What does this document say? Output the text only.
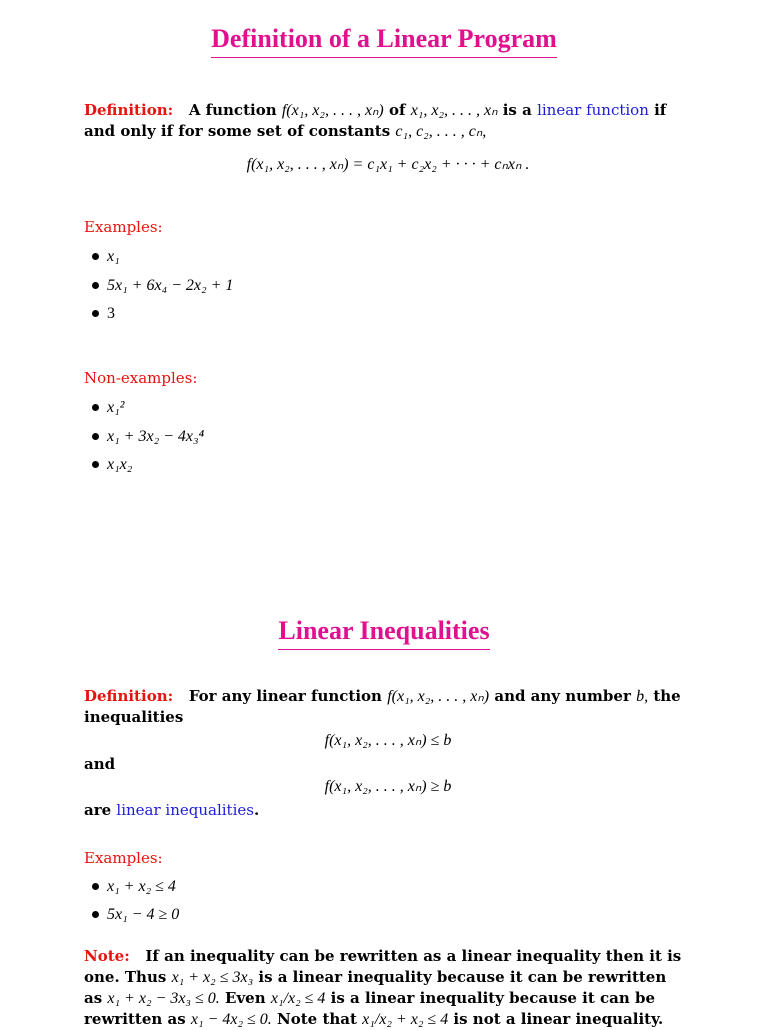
Definition of a Linear Program

Definition: A function f(x₁, x₂, . . . , xₙ) of x₁, x₂, . . . , xₙ is a linear function if
and only if for some set of constants c₁, c₂, . . . , cₙ,

f(x₁, x₂, . . . , xₙ) = c₁x₁ + c₂x₂ + · · · + cₙxₙ .
Examples:
x₁
5x₁ + 6x₄ − 2x₂ + 1
3
Non-examples:
x₁²
x₁ + 3x₂ − 4x₃⁴
x₁x₂
Linear Inequalities

Definition: For any linear function f(x₁, x₂, . . . , xₙ) and any number b, the
inequalities

f(x₁, x₂, . . . , xₙ) ≤ b
and
f(x₁, x₂, . . . , xₙ) ≥ b
are linear inequalities.
Examples:
x₁ + x₂ ≤ 4
5x₁ − 4 ≥ 0
Note: If an inequality can be rewritten as a linear inequality then it is
one. Thus x₁ + x₂ ≤ 3x₃ is a linear inequality because it can be rewritten
as x₁ + x₂ − 3x₃ ≤ 0. Even x₁/x₂ ≤ 4 is a linear inequality because it can be
rewritten as x₁ − 4x₂ ≤ 0. Note that x₁/x₂ + x₂ ≤ 4 is not a linear inequality.
